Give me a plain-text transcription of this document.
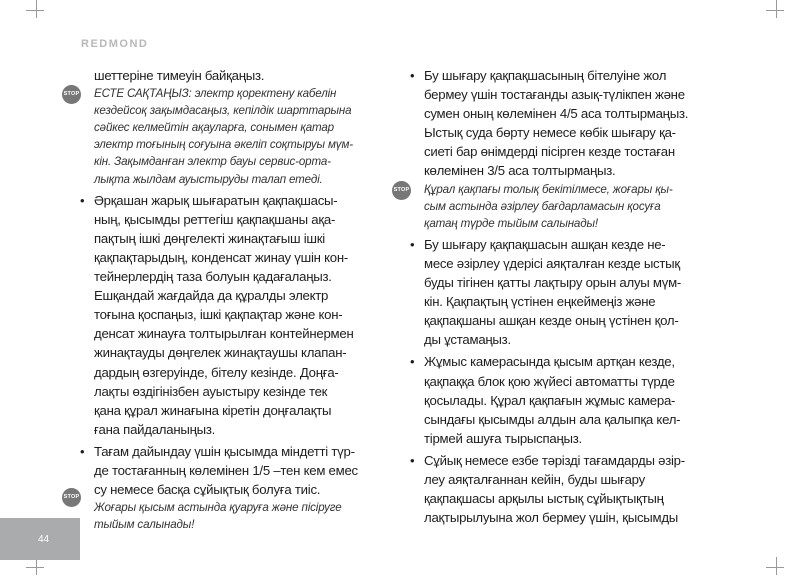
REDMOND
STOP
STOP
STOP
шеттеріне тимеуін байқаңыз.
ЕСТЕ САҚТАҢЫЗ: электр қоректену кабелін
кездейсоқ зақымдасаңыз, кепілдік шарттарына
сәйкес келмейтін ақауларға, сонымен қатар
электр тоғының соғуына әкеліп соқтыруы мүм-
кін. Зақымданған электр бауы сервис-орта-
лықта жылдам ауыстыруды талап етеді.
• Әрқашан жарық шығаратын қақпақшасы-
ның, қысымды реттегіш қақпақшаны ақа-
пақтың ішкі дөңгелекті жинақтағыш ішкі
қақпақтарыдың, конденсат жинау үшін кон-
тейнерлердің таза болуын қадағалаңыз.
Ешқандай жағдайда да құралды электр
тоғына қоспаңыз, ішкі қақпақтар және кон-
денсат жинауға толтырылған контейнермен
жинақтауды дөңгелек жинақтаушы клапан-
дардың өзгеруінде, бітелу кезінде. Доңға-
лақты өздігінізбен ауыстыру кезінде тек
қана құрал жинағына кіретін доңғалақты
ғана пайдаланыңыз.
• Тағам дайындау үшін қысымда міндетті түр-
де тостағанның көлемінен 1/5 –тен кем емес
су немесе басқа сұйықтық болуға тиіс.
Жоғары қысым астында қуаруға және пісіруге
тыйым салынады!
• Бу шығару қақпақшасының бітелуіне жол
бермеу үшін тостағанды азық-түлікпен және
сумен оның көлемінен 4/5 аса толтырмаңыз.
Ыстық суда бөрту немесе көбік шығару қа-
сиеті бар өнімдерді пісірген кезде тостаған
көлемінен 3/5 аса толтырмаңыз.
Құрал қақпағы толық бекітілмесе, жоғары қы-
сым астында әзірлеу бағдарламасын қосуға
қатаң түрде тыйым салынады!
• Бу шығару қақпақшасын ашқан кезде не-
месе әзірлеу үдерісі аяқталған кезде ыстық
буды тігінен қатты лақтыру орын алуы мүм-
кін. Қақпақтың үстінен еңкеймеңіз және
қақпақшаны ашқан кезде оның үстінен қол-
ды ұстамаңыз.
• Жұмыс камерасында қысым артқан кезде,
қақпаққа блок қою жүйесі автоматты түрде
қосылады. Құрал қақпағын жұмыс камера-
сындағы қысымды алдын ала қалыпқа кел-
тірмей ашуға тырыспаңыз.
• Сұйық немесе езбе тәрізді тағамдарды әзір-
леу аяқталғаннан кейін, буды шығару
қақпақшасы арқылы ыстық сұйықтықтың
лақтырылуына жол бермеу үшін, қысымды
44
